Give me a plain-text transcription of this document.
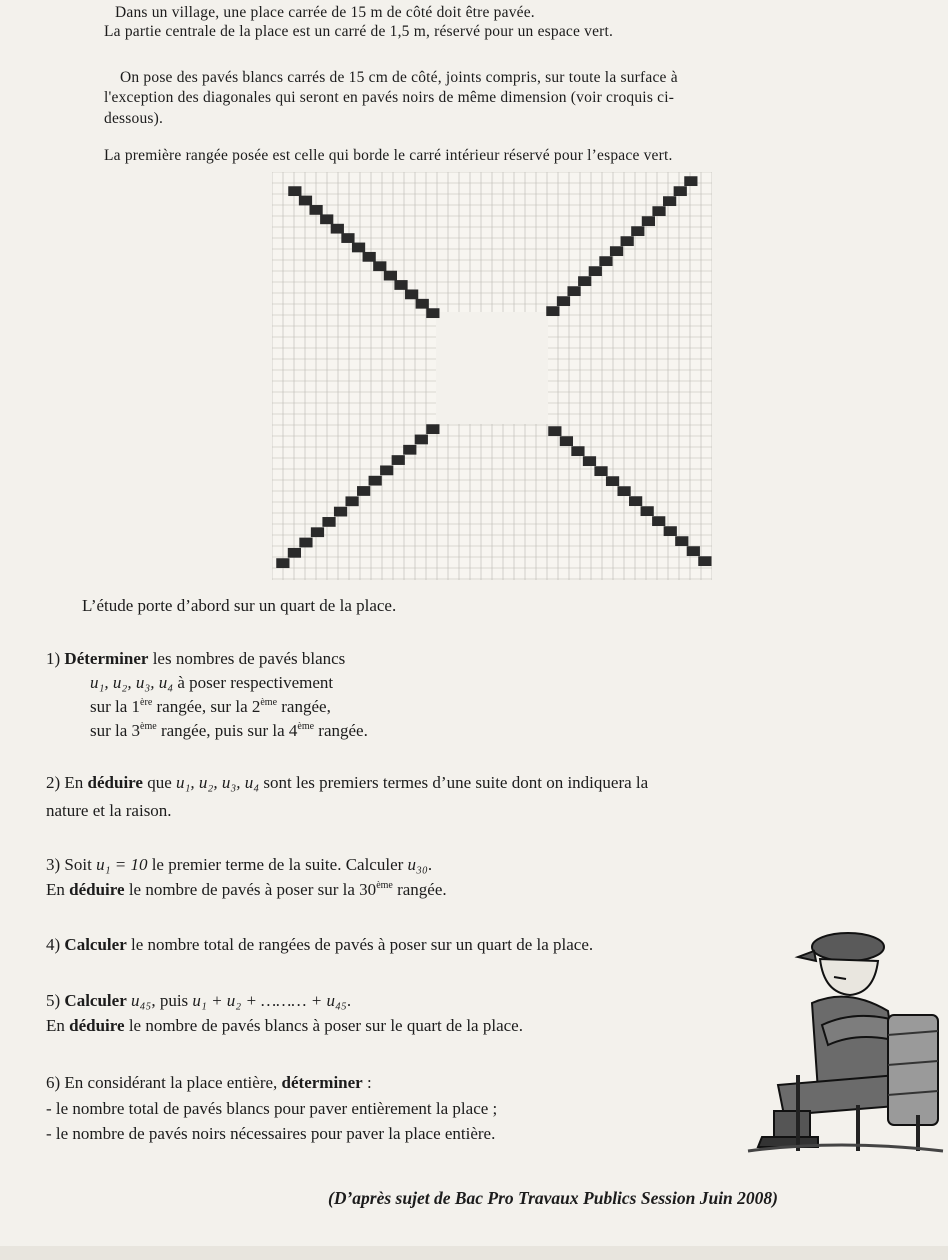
Dans un village, une place carrée de 15 m de côté doit être pavée.
La partie centrale de la place est un carré de 1,5 m, réservé pour un espace vert.
On pose des pavés blancs carrés de 15 cm de côté, joints compris, sur toute la surface à
l'exception des diagonales qui seront en pavés noirs de même dimension (voir croquis ci-
dessous).
La première rangée posée est celle qui borde le carré intérieur réservé pour l’espace vert.
L’étude porte d’abord sur un quart de la place.
1) Déterminer les nombres de pavés blancs
u₁, u₂, u₃, u₄ à poser respectivement
sur la 1ère rangée, sur la 2ème rangée,
sur la 3ème rangée, puis sur la 4ème rangée.
2) En déduire que u₁, u₂, u₃, u₄ sont les premiers termes d’une suite dont on indiquera la
nature et la raison.
3) Soit u₁ = 10 le premier terme de la suite. Calculer u₃₀.
En déduire le nombre de pavés à poser sur la 30ème rangée.
4) Calculer le nombre total de rangées de pavés à poser sur un quart de la place.
5) Calculer u₄₅, puis u₁ + u₂ + ……… + u₄₅.
En déduire le nombre de pavés blancs à poser sur le quart de la place.
6) En considérant la place entière, déterminer :
- le nombre total de pavés blancs pour paver entièrement la place ;
- le nombre de pavés noirs nécessaires pour paver la place entière.
(D’après sujet de Bac Pro Travaux Publics Session Juin 2008)
